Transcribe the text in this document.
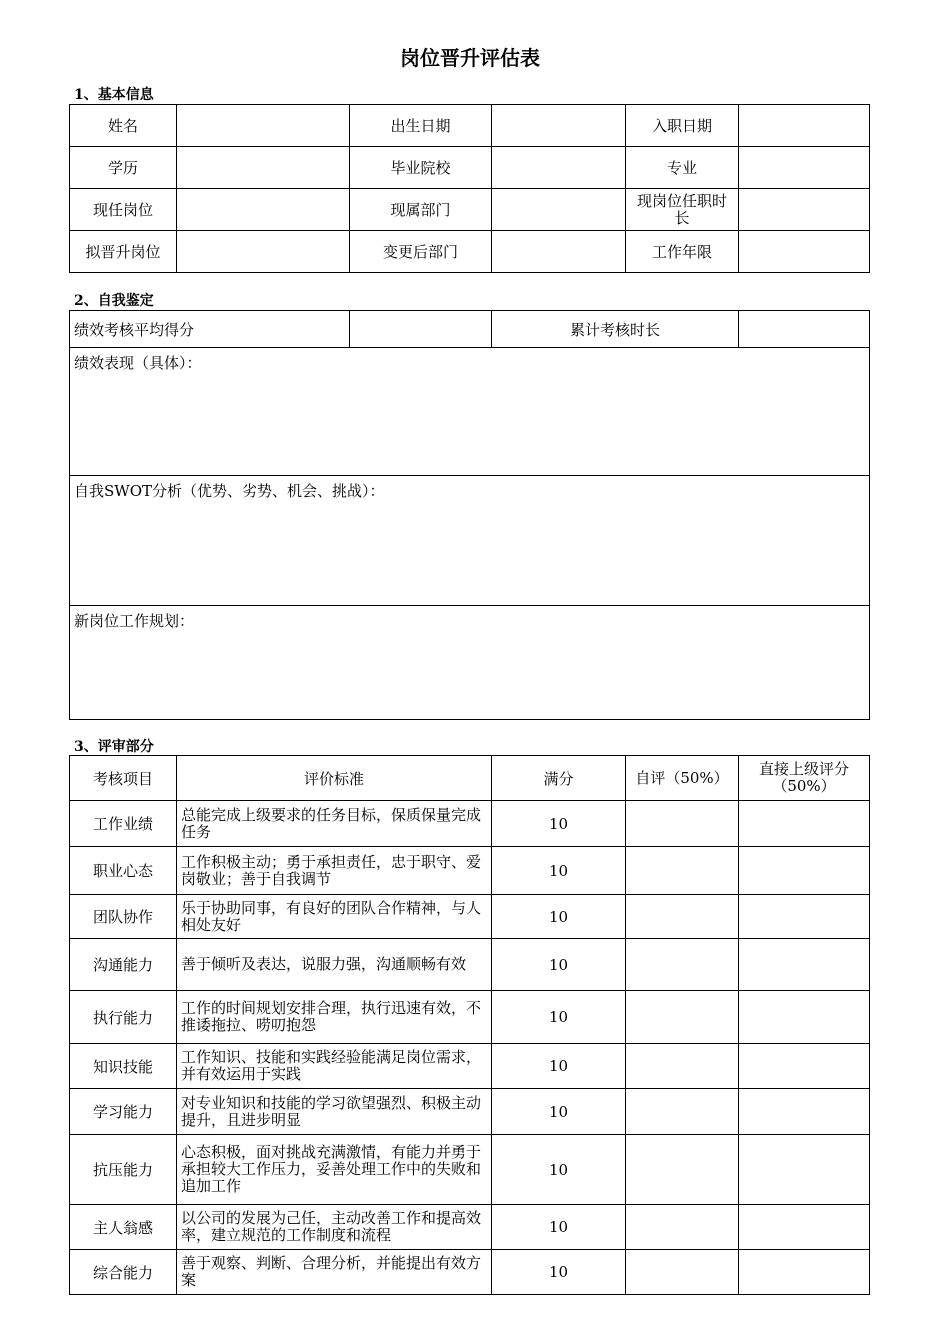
岗位晋升评估表
1、基本信息
姓名		出生日期		入职日期	
学历		毕业院校		专业	
现任岗位		现属部门		现岗位任职时长	
拟晋升岗位		变更后部门		工作年限	
2、自我鉴定
绩效考核平均得分		累计考核时长	
绩效表现（具体）：
自我SWOT分析（优势、劣势、机会、挑战）：
新岗位工作规划：
3、评审部分
考核项目	评价标准	满分	自评（50%）	直接上级评分（50%）
工作业绩	总能完成上级要求的任务目标，保质保量完成任务	10		
职业心态	工作积极主动；勇于承担责任，忠于职守、爱岗敬业；善于自我调节	10		
团队协作	乐于协助同事，有良好的团队合作精神，与人相处友好	10		
沟通能力	善于倾听及表达，说服力强，沟通顺畅有效	10		
执行能力	工作的时间规划安排合理，执行迅速有效，不推诿拖拉、唠叨抱怨	10		
知识技能	工作知识、技能和实践经验能满足岗位需求，并有效运用于实践	10		
学习能力	对专业知识和技能的学习欲望强烈、积极主动提升，且进步明显	10		
抗压能力	心态积极，面对挑战充满激情，有能力并勇于承担较大工作压力，妥善处理工作中的失败和追加工作	10		
主人翁感	以公司的发展为己任，主动改善工作和提高效率，建立规范的工作制度和流程	10		
综合能力	善于观察、判断、合理分析，并能提出有效方案	10		
